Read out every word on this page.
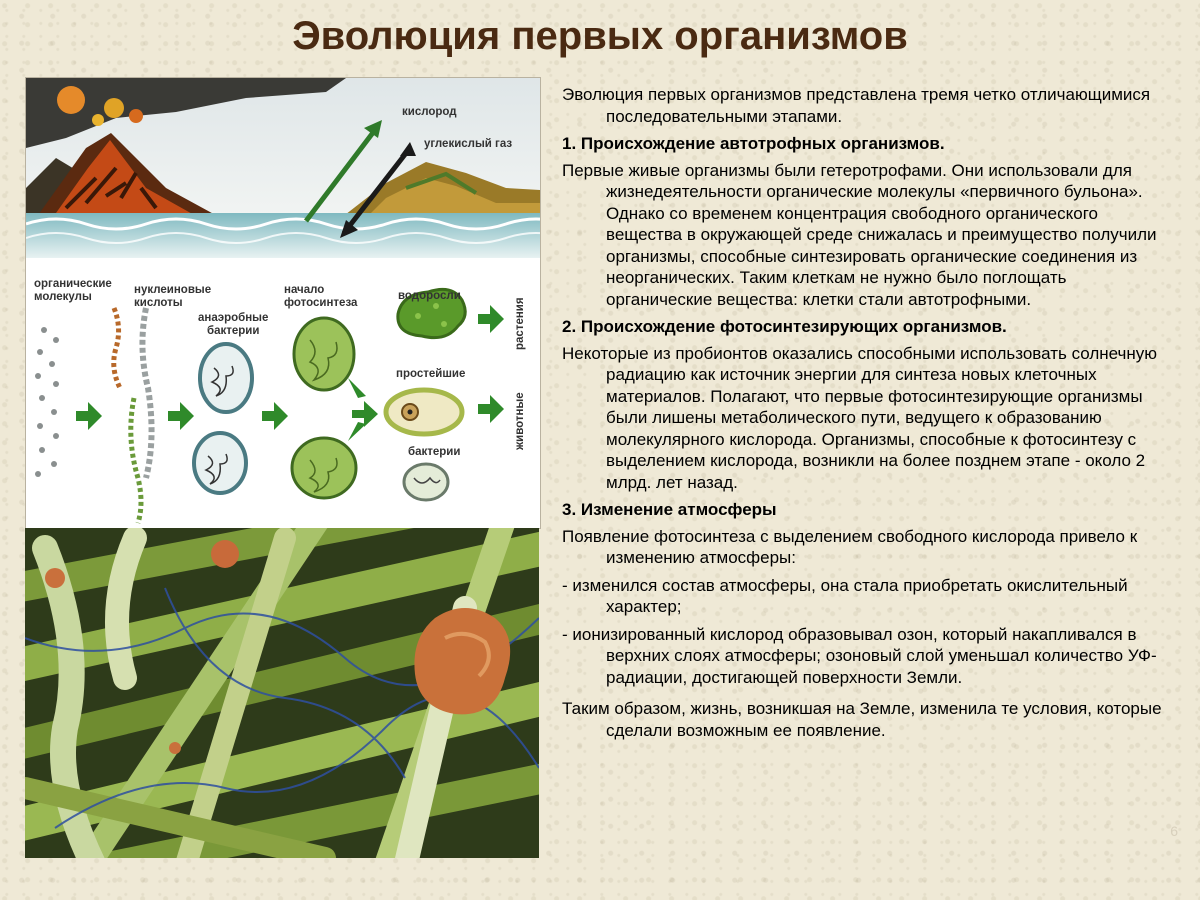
Эволюция первых организмов
кислород
углекислый газ
органические
молекулы
нуклеиновые
кислоты
анаэробные
бактерии
начало
фотосинтеза
водоросли
простейшие
бактерии
растения
животные

Эволюция первых организмов представлена тремя четко отличающимися последовательными этапами.

1. Происхождение автотрофных организмов.

Первые живые организмы были гетеротрофами. Они использовали для жизнедеятельности органические молекулы «первичного бульона». Однако со временем концентрация свободного органического вещества в окружающей среде снижалась и преимущество получили организмы, способные синтезировать органические соединения из неорганических. Таким клеткам не нужно было поглощать органические вещества: клетки стали автотрофными.

2. Происхождение фотосинтезирующих организмов.

Некоторые из пробионтов оказались способными использовать солнечную радиацию как источник энергии для синтеза новых клеточных материалов. Полагают, что первые фотосинтезирующие организмы были лишены метаболического пути, ведущего к образованию молекулярного кислорода. Организмы, способные к фотосинтезу с выделением кислорода, возникли на более позднем этапе - около 2 млрд. лет назад.

3. Изменение атмосферы

Появление фотосинтеза с выделением свободного кислорода привело к изменению атмосферы:

- изменился состав атмосферы, она стала приобретать окислительный характер;

- ионизированный кислород образовывал озон, который накапливался в верхних слоях атмосферы; озоновый слой уменьшал количество УФ-радиации, достигающей поверхности Земли.

Таким образом, жизнь, возникшая на Земле, изменила те условия, которые сделали возможным ее появление.

6
